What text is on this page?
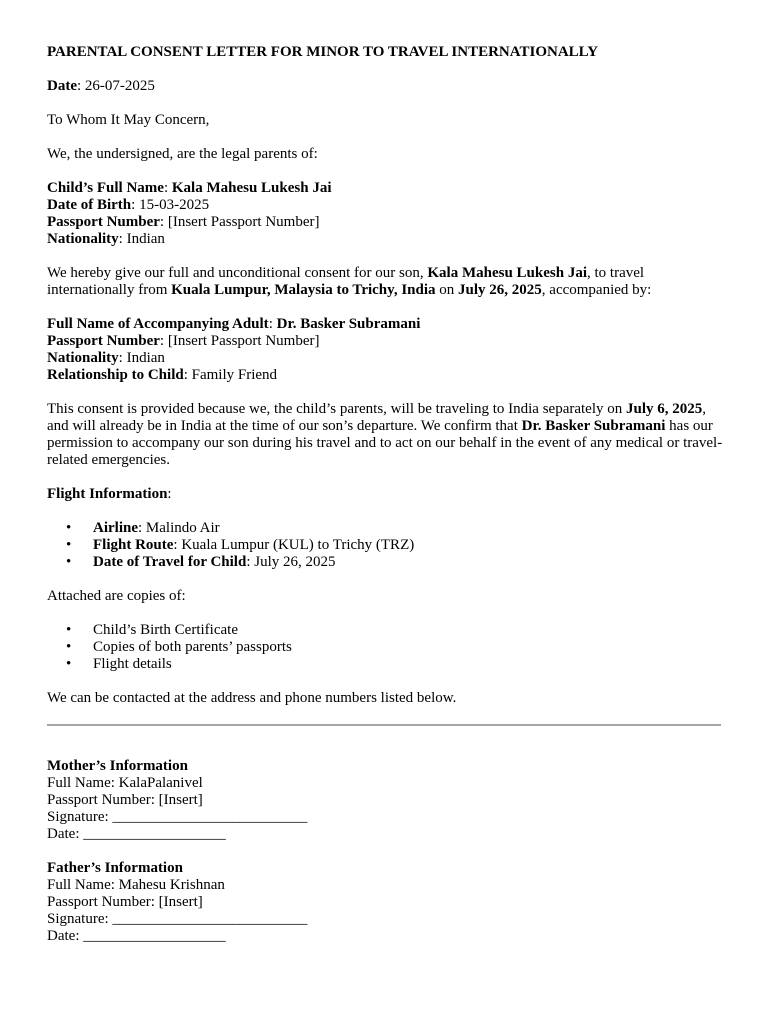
PARENTAL CONSENT LETTER FOR MINOR TO TRAVEL INTERNATIONALLY

Date: 26-07-2025

To Whom It May Concern,

We, the undersigned, are the legal parents of:

Child’s Full Name: Kala Mahesu Lukesh Jai

Date of Birth: 15-03-2025

Passport Number: [Insert Passport Number]

Nationality: Indian

We hereby give our full and unconditional consent for our son, Kala Mahesu Lukesh Jai, to travel internationally from Kuala Lumpur, Malaysia to Trichy, India on July 26, 2025, accompanied by:

Full Name of Accompanying Adult: Dr. Basker Subramani

Passport Number: [Insert Passport Number]

Nationality: Indian

Relationship to Child: Family Friend

This consent is provided because we, the child’s parents, will be traveling to India separately on July 6, 2025, and will already be in India at the time of our son’s departure. We confirm that Dr. Basker Subramani has our permission to accompany our son during his travel and to act on our behalf in the event of any medical or travel-related emergencies.

Flight Information:

• Airline: Malindo Air
• Flight Route: Kuala Lumpur (KUL) to Trichy (TRZ)
• Date of Travel for Child: July 26, 2025

Attached are copies of:

• Child’s Birth Certificate
• Copies of both parents’ passports
• Flight details

We can be contacted at the address and phone numbers listed below.

Mother’s Information

Full Name: KalaPalanivel

Passport Number: [Insert]

Signature: __________________________

Date: ___________________

Father’s Information

Full Name: Mahesu Krishnan

Passport Number: [Insert]

Signature: __________________________

Date: ___________________
